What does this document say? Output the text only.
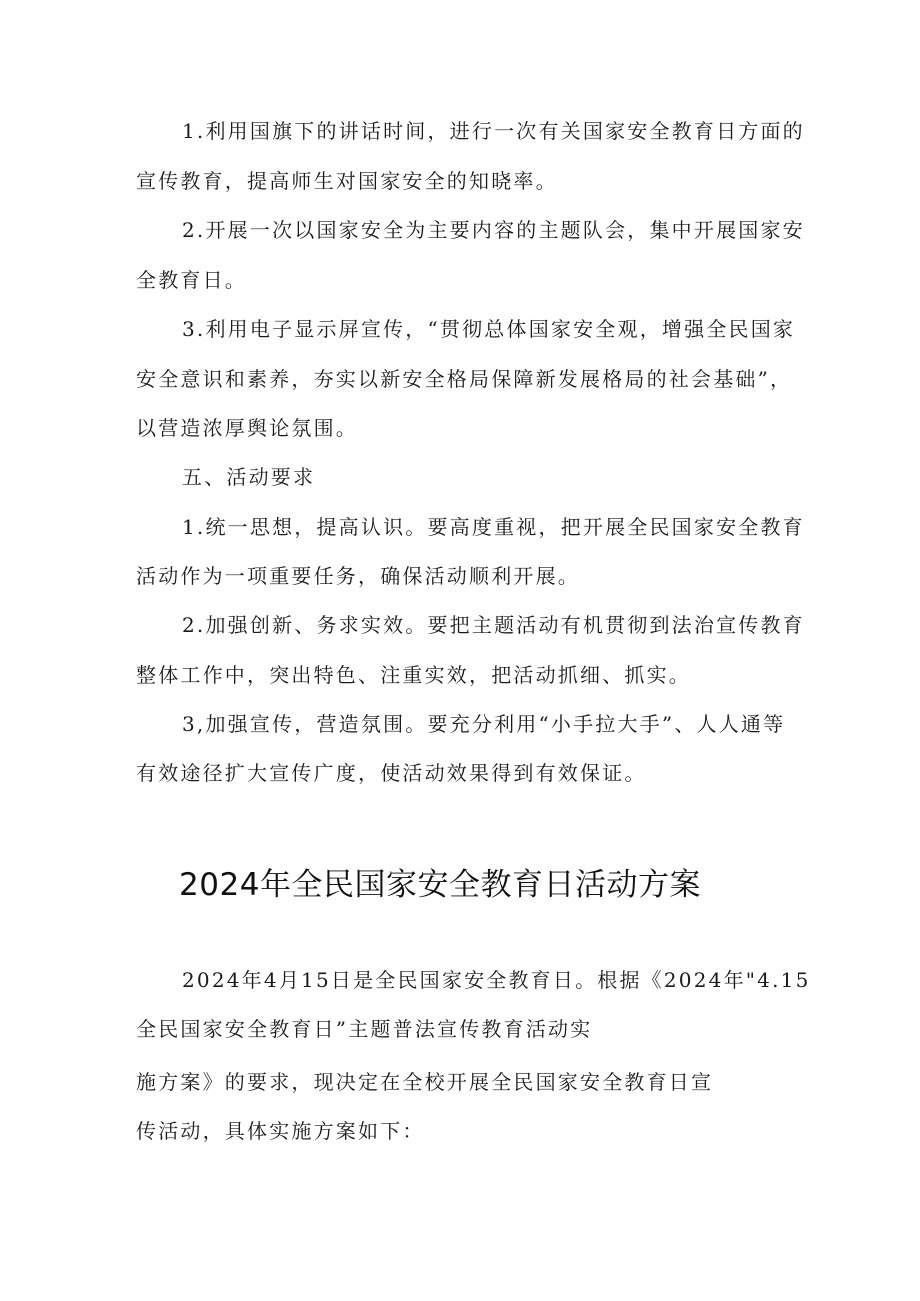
1.利用国旗下的讲话时间，进行一次有关国家安全教育日方面的
宣传教育，提高师生对国家安全的知晓率。
2.开展一次以国家安全为主要内容的主题队会，集中开展国家安
全教育日。
3.利用电子显示屏宣传，“贯彻总体国家安全观，增强全民国家
安全意识和素养，夯实以新安全格局保障新发展格局的社会基础”，
以营造浓厚舆论氛围。
五、活动要求
1.统一思想，提高认识。要高度重视，把开展全民国家安全教育
活动作为一项重要任务，确保活动顺利开展。
2.加强创新、务求实效。要把主题活动有机贯彻到法治宣传教育
整体工作中，突出特色、注重实效，把活动抓细、抓实。
3,加强宣传，营造氛围。要充分利用“小手拉大手”、人人通等
有效途径扩大宣传广度，使活动效果得到有效保证。
2024年全民国家安全教育日活动方案
2024年4月15日是全民国家安全教育日。根据《2024年"4.15
全民国家安全教育日”主题普法宣传教育活动实
施方案》的要求，现决定在全校开展全民国家安全教育日宣
传活动，具体实施方案如下：
